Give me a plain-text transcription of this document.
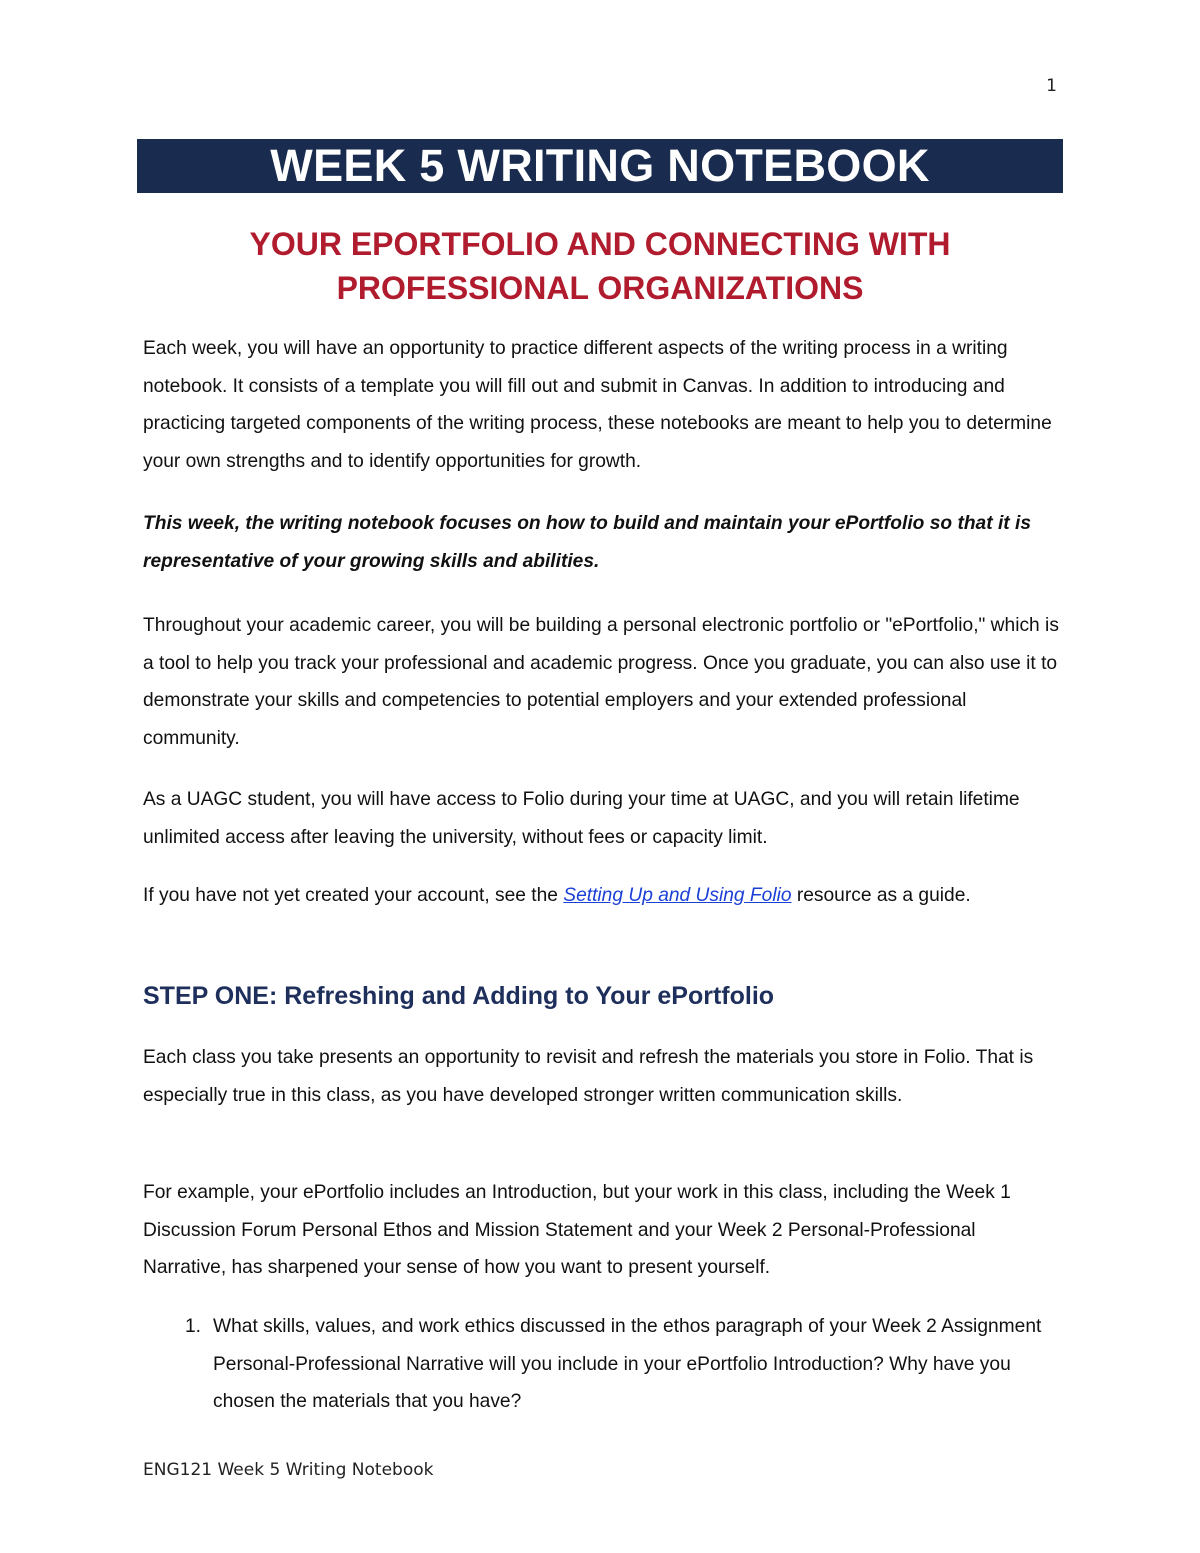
1
WEEK 5 WRITING NOTEBOOK
YOUR EPORTFOLIO AND CONNECTING WITH
PROFESSIONAL ORGANIZATIONS

Each week, you will have an opportunity to practice different aspects of the writing process in a writing notebook. It consists of a template you will fill out and submit in Canvas. In addition to introducing and practicing targeted components of the writing process, these notebooks are meant to help you to determine your own strengths and to identify opportunities for growth.

This week, the writing notebook focuses on how to build and maintain your ePortfolio so that it is representative of your growing skills and abilities.

Throughout your academic career, you will be building a personal electronic portfolio or "ePortfolio," which is a tool to help you track your professional and academic progress. Once you graduate, you can also use it to demonstrate your skills and competencies to potential employers and your extended professional community.

As a UAGC student, you will have access to Folio during your time at UAGC, and you will retain lifetime unlimited access after leaving the university, without fees or capacity limit.

If you have not yet created your account, see the Setting Up and Using Folio resource as a guide.

STEP ONE: Refreshing and Adding to Your ePortfolio

Each class you take presents an opportunity to revisit and refresh the materials you store in Folio. That is especially true in this class, as you have developed stronger written communication skills.

For example, your ePortfolio includes an Introduction, but your work in this class, including the Week 1 Discussion Forum Personal Ethos and Mission Statement and your Week 2 Personal-Professional Narrative, has sharpened your sense of how you want to present yourself.

1. What skills, values, and work ethics discussed in the ethos paragraph of your Week 2 Assignment Personal-Professional Narrative will you include in your ePortfolio Introduction? Why have you chosen the materials that you have?
ENG121 Week 5 Writing Notebook
